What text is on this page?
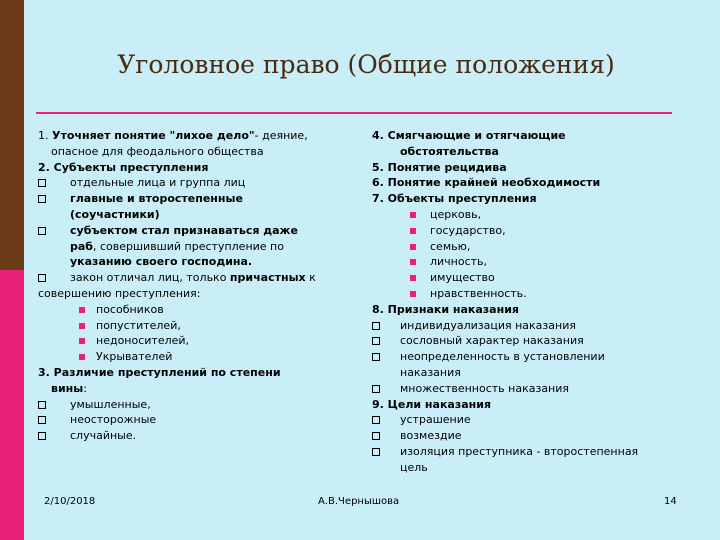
Уголовное право (Общие положения)
1. Уточняет понятие "лихое дело"- деяние,
опасное для феодального общества
2. Субъекты преступления
отдельные лица и группа лиц
главные и второстепенные
(соучастники)
субъектом стал признаваться даже
раб, совершивший преступление по
указанию своего господина.
закон отличал лиц, только причастных к
совершению преступления:
пособников
попустителей,
недоносителей,
Укрывателей
3. Различие преступлений по степени
вины:
умышленные,
неосторожные
случайные.
4. Смягчающие и отягчающие
обстоятельства
5. Понятие рецидива
6. Понятие крайней необходимости
7. Объекты преступления
церковь,
государство,
семью,
личность,
имущество
нравственность.
8. Признаки наказания
индивидуализация наказания
сословный характер наказания
неопределенность в установлении
наказания
множественность наказания
9. Цели наказания
устрашение
возмездие
изоляция преступника - второстепенная
цель
2/10/2018	А.В.Чернышова	14
